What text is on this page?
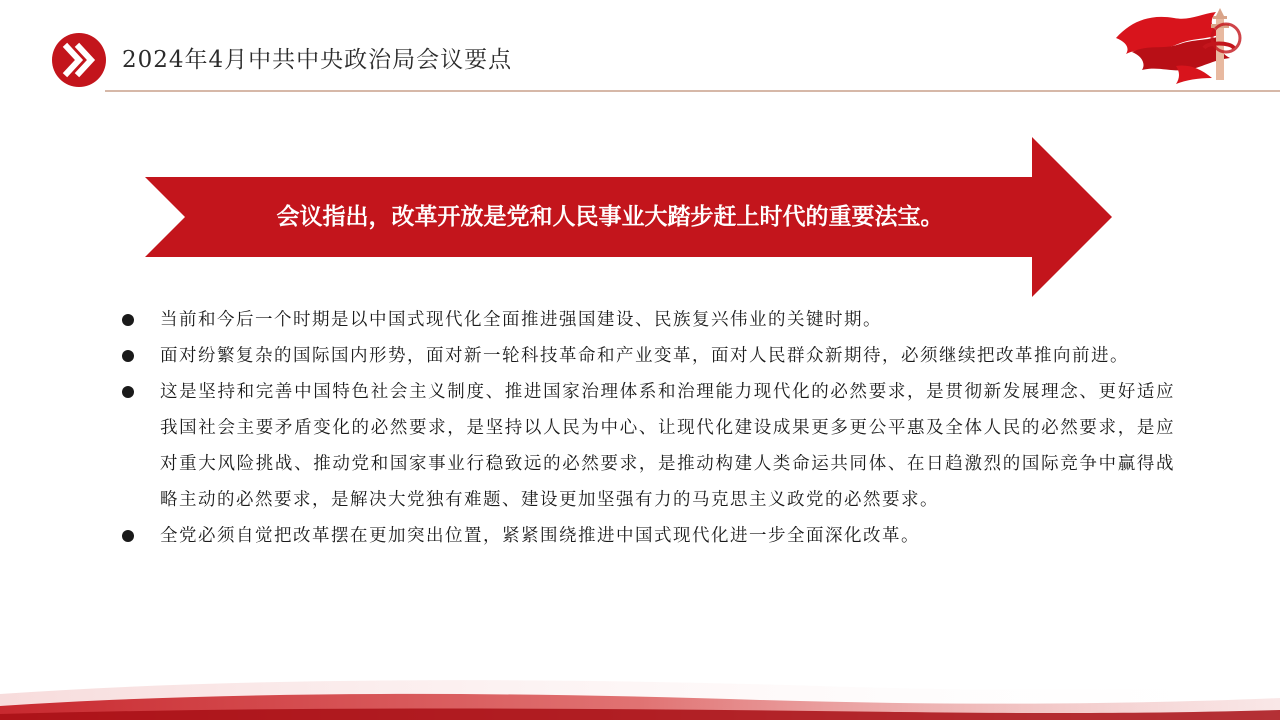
2024年4月中共中央政治局会议要点
会议指出，改革开放是党和人民事业大踏步赶上时代的重要法宝。
当前和今后一个时期是以中国式现代化全面推进强国建设、民族复兴伟业的关键时期。
面对纷繁复杂的国际国内形势，面对新一轮科技革命和产业变革，面对人民群众新期待，必须继续把改革推向前进。
这是坚持和完善中国特色社会主义制度、推进国家治理体系和治理能力现代化的必然要求，是贯彻新发展理念、更好适应我国社会主要矛盾变化的必然要求，是坚持以人民为中心、让现代化建设成果更多更公平惠及全体人民的必然要求，是应对重大风险挑战、推动党和国家事业行稳致远的必然要求，是推动构建人类命运共同体、在日趋激烈的国际竞争中赢得战略主动的必然要求，是解决大党独有难题、建设更加坚强有力的马克思主义政党的必然要求。
全党必须自觉把改革摆在更加突出位置，紧紧围绕推进中国式现代化进一步全面深化改革。
